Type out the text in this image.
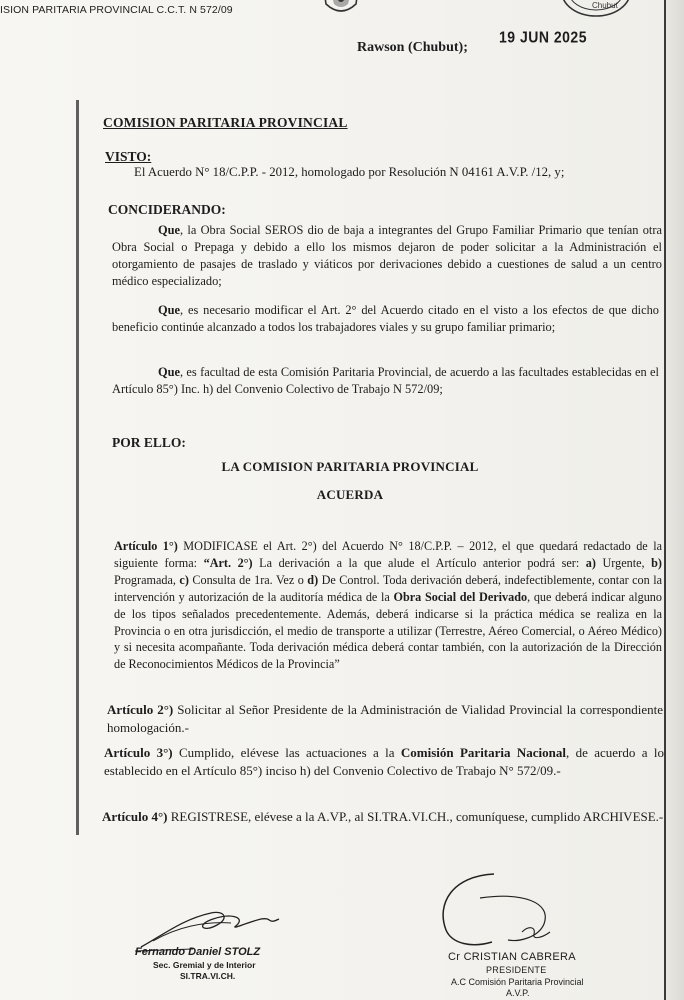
ISION PARITARIA PROVINCIAL C.C.T. N 572/09	Chubut
19 JUN 2025
Rawson (Chubut);
COMISION PARITARIA PROVINCIAL
VISTO:
El Acuerdo N° 18/C.P.P. - 2012, homologado por Resolución N 04161 A.V.P. /12, y;
CONCIDERANDO:
Que, la Obra Social SEROS dio de baja a integrantes del Grupo Familiar Primario que tenían otra Obra Social o Prepaga y debido a ello los mismos dejaron de poder solicitar a la Administración el otorgamiento de pasajes de traslado y viáticos por derivaciones debido a cuestiones de salud a un centro médico especializado;
Que, es necesario modificar el Art. 2° del Acuerdo citado en el visto a los efectos de que dicho beneficio continúe alcanzado a todos los trabajadores viales y su grupo familiar primario;
Que, es facultad de esta Comisión Paritaria Provincial, de acuerdo a las facultades establecidas en el Artículo 85°) Inc. h) del Convenio Colectivo de Trabajo N 572/09;
POR ELLO:
LA COMISION PARITARIA PROVINCIAL
ACUERDA
Artículo 1°) MODIFICASE el Art. 2°) del Acuerdo N° 18/C.P.P. – 2012, el que quedará redactado de la siguiente forma: “Art. 2°) La derivación a la que alude el Artículo anterior podrá ser: a) Urgente, b) Programada, c) Consulta de 1ra. Vez o d) De Control. Toda derivación deberá, indefectiblemente, contar con la intervención y autorización de la auditoría médica de la Obra Social del Derivado, que deberá indicar alguno de los tipos señalados precedentemente. Además, deberá indicarse si la práctica médica se realiza en la Provincia o en otra jurisdicción, el medio de transporte a utilizar (Terrestre, Aéreo Comercial, o Aéreo Médico) y si necesita acompañante. Toda derivación médica deberá contar también, con la autorización de la Dirección de Reconocimientos Médicos de la Provincia”
Artículo 2°) Solicitar al Señor Presidente de la Administración de Vialidad Provincial la correspondiente homologación.-
Artículo 3°) Cumplido, elévese las actuaciones a la Comisión Paritaria Nacional, de acuerdo a lo establecido en el Artículo 85°) inciso h) del Convenio Colectivo de Trabajo N° 572/09.-
Artículo 4°) REGISTRESE, elévese a la A.VP., al SI.TRA.VI.CH., comuníquese, cumplido ARCHIVESE.-
Fernando Daniel STOLZ
Sec. Gremial y de Interior
SI.TRA.VI.CH.
Cr CRISTIAN CABRERA
PRESIDENTE
A.C Comisión Paritaria Provincial
A.V.P.
